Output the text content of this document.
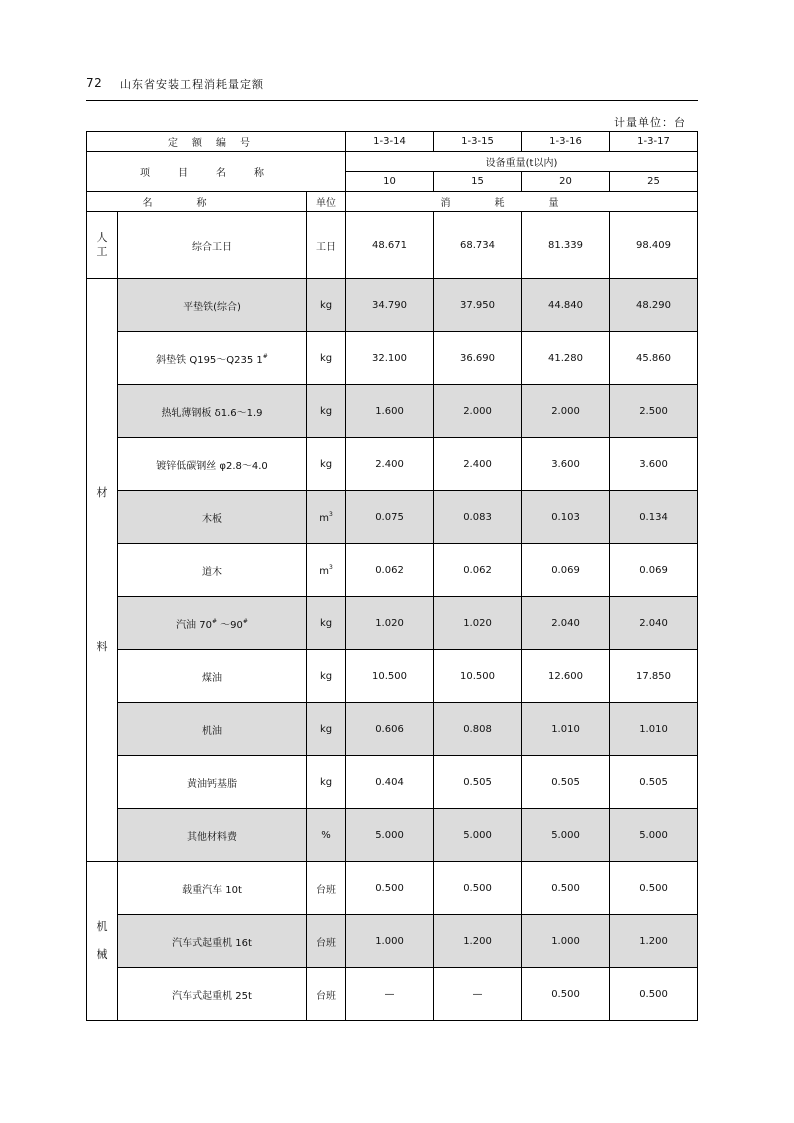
72 山东省安装工程消耗量定额
计量单位：台
定额编号			1-3-14	1-3-15	1-3-16	1-3-17
项目名称			设备重量(t以内)			
			10	15	20	25
名称		单位	消耗量			
人
工	综合工日	工日	48.671	68.734	81.339	98.409
材

料	平垫铁(综合)	kg	34.790	37.950	44.840	48.290
	斜垫铁 Q195～Q235 1#	kg	32.100	36.690	41.280	45.860
	热轧薄钢板 δ1.6～1.9	kg	1.600	2.000	2.000	2.500
	镀锌低碳钢丝 φ2.8～4.0	kg	2.400	2.400	3.600	3.600
	木板	$m^3$	0.075	0.083	0.103	0.134
	道木	$m^3$	0.062	0.062	0.069	0.069
	汽油 70# ～90#	kg	1.020	1.020	2.040	2.040
	煤油	kg	10.500	10.500	12.600	17.850
	机油	kg	0.606	0.808	1.010	1.010
	黄油钙基脂	kg	0.404	0.505	0.505	0.505
	其他材料费	%	5.000	5.000	5.000	5.000
机

械	载重汽车 10t	台班	0.500	0.500	0.500	0.500
	汽车式起重机 16t	台班	1.000	1.200	1.000	1.200
	汽车式起重机 25t	台班	—	—	0.500	0.500
